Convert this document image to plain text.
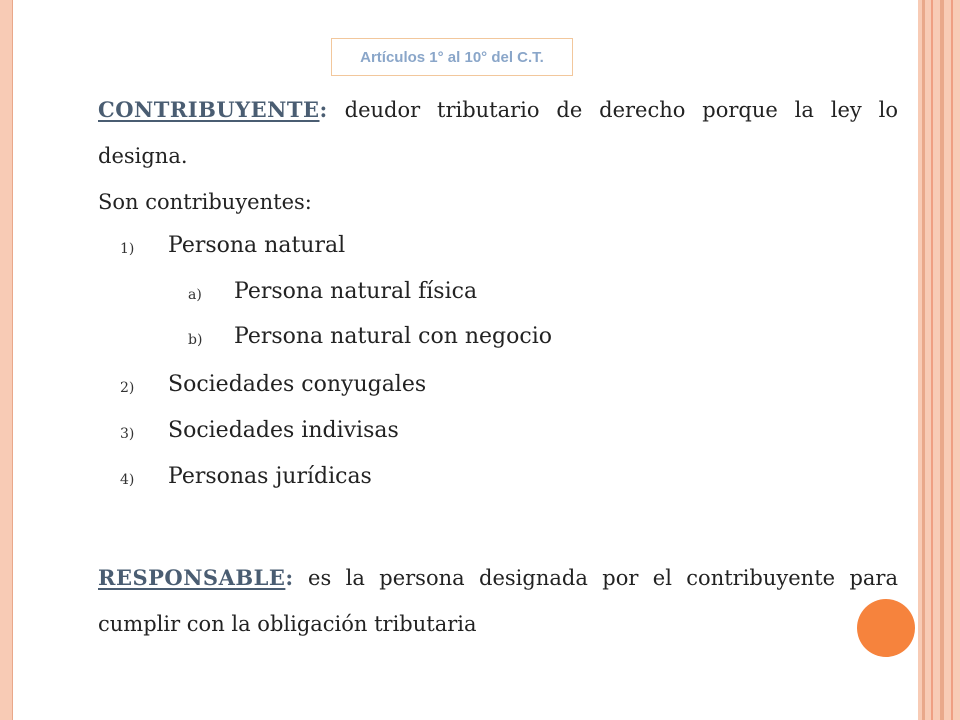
Artículos 1° al 10° del C.T.
CONTRIBUYENTE: deudor tributario de derecho porque la ley lo designa.
Son contribuyentes:
1) Persona natural
a) Persona natural física
b) Persona natural con negocio
2) Sociedades conyugales
3) Sociedades indivisas
4) Personas jurídicas
RESPONSABLE: es la persona designada por el contribuyente para cumplir con la obligación tributaria
